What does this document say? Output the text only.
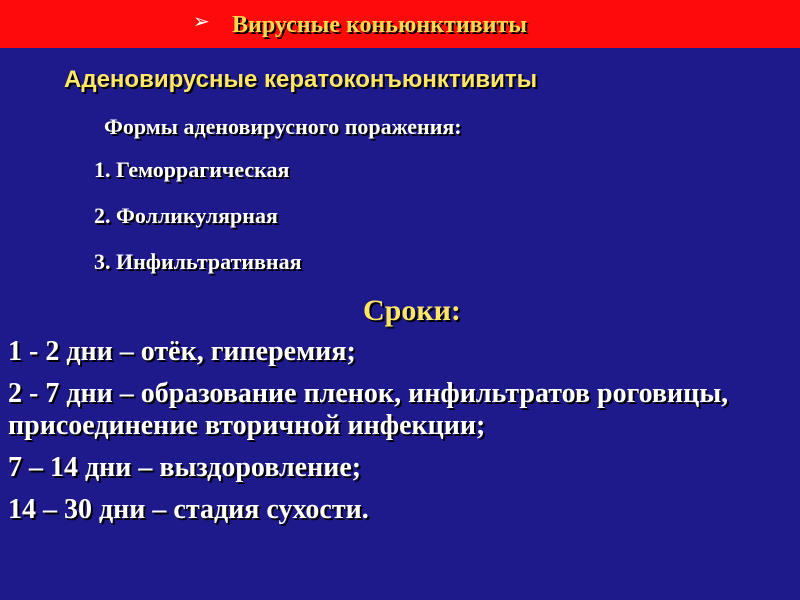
➢ Вирусные коньюнктивиты
Аденовирусные кератоконъюнктивиты
Формы аденовирусного поражения:
1. Геморрагическая
2. Фолликулярная
3. Инфильтративная
Сроки:
1 - 2 дни – отёк, гиперемия;
2 - 7 дни – образование пленок, инфильтратов роговицы, присоединение вторичной инфекции;
7 – 14 дни – выздоровление;
14 – 30 дни – стадия сухости.
